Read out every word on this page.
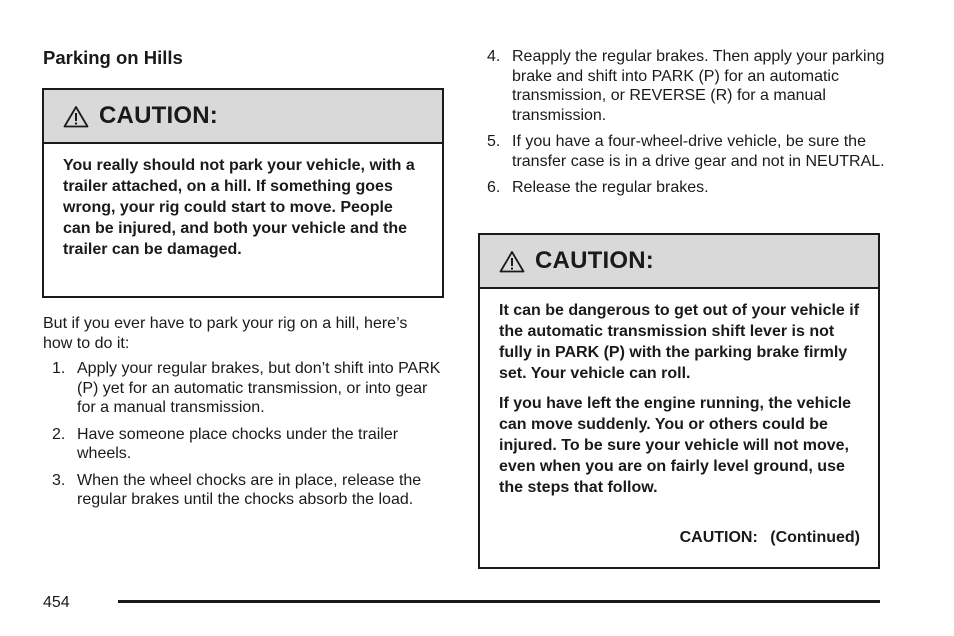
Parking on Hills
CAUTION:

You really should not park your vehicle, with a trailer attached, on a hill. If something goes wrong, your rig could start to move. People can be injured, and both your vehicle and the trailer can be damaged.

But if you ever have to park your rig on a hill, here’s how to do it:
1. Apply your regular brakes, but don’t shift into PARK (P) yet for an automatic transmission, or into gear for a manual transmission.
2. Have someone place chocks under the trailer wheels.
3. When the wheel chocks are in place, release the regular brakes until the chocks absorb the load.
4. Reapply the regular brakes. Then apply your parking brake and shift into PARK (P) for an automatic transmission, or REVERSE (R) for a manual transmission.
5. If you have a four-wheel-drive vehicle, be sure the transfer case is in a drive gear and not in NEUTRAL.
6. Release the regular brakes.
CAUTION:

It can be dangerous to get out of your vehicle if the automatic transmission shift lever is not fully in PARK (P) with the parking brake firmly set. Your vehicle can roll.

If you have left the engine running, the vehicle can move suddenly. You or others could be injured. To be sure your vehicle will not move, even when you are on fairly level ground, use the steps that follow.

CAUTION: (Continued)
454
